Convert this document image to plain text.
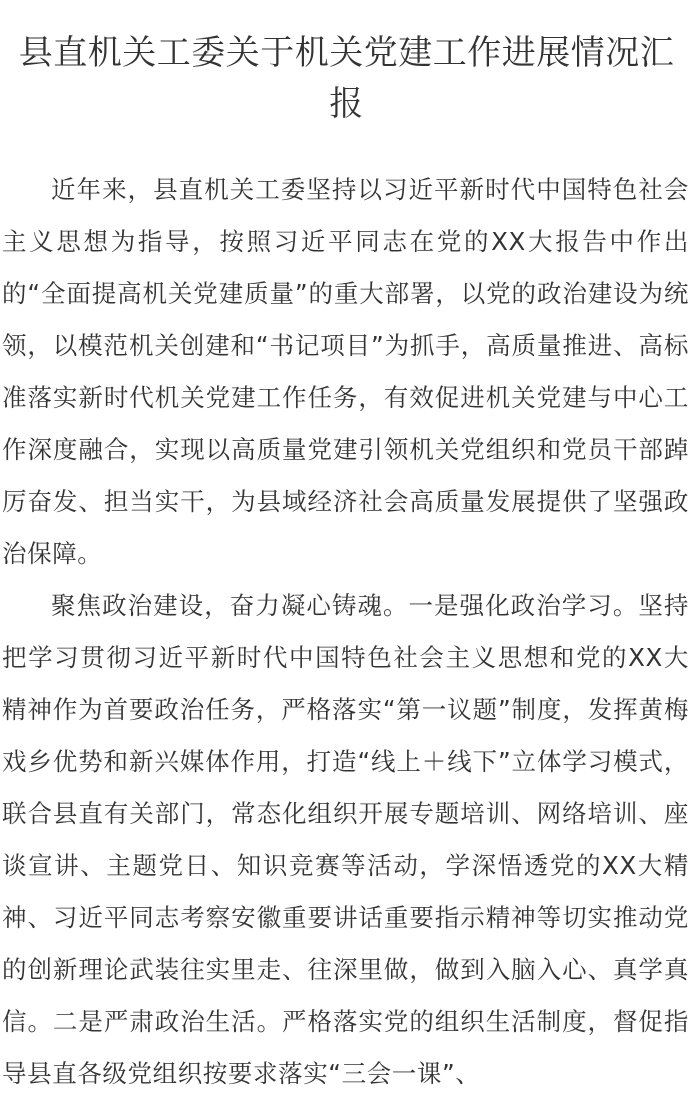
县直机关工委关于机关党建工作进展情况汇报

近年来，县直机关工委坚持以习近平新时代中国特色社会主义思想为指导，按照习近平同志在党的XX大报告中作出的“全面提高机关党建质量”的重大部署，以党的政治建设为统领，以模范机关创建和“书记项目”为抓手，高质量推进、高标准落实新时代机关党建工作任务，有效促进机关党建与中心工作深度融合，实现以高质量党建引领机关党组织和党员干部踔厉奋发、担当实干，为县域经济社会高质量发展提供了坚强政治保障。

聚焦政治建设，奋力凝心铸魂。一是强化政治学习。坚持把学习贯彻习近平新时代中国特色社会主义思想和党的XX大精神作为首要政治任务，严格落实“第一议题”制度，发挥黄梅戏乡优势和新兴媒体作用，打造“线上＋线下”立体学习模式，联合县直有关部门，常态化组织开展专题培训、网络培训、座谈宣讲、主题党日、知识竞赛等活动，学深悟透党的XX大精神、习近平同志考察安徽重要讲话重要指示精神等切实推动党的创新理论武装往实里走、往深里做，做到入脑入心、真学真信。二是严肃政治生活。严格落实党的组织生活制度，督促指导县直各级党组织按要求落实“三会一课”、
